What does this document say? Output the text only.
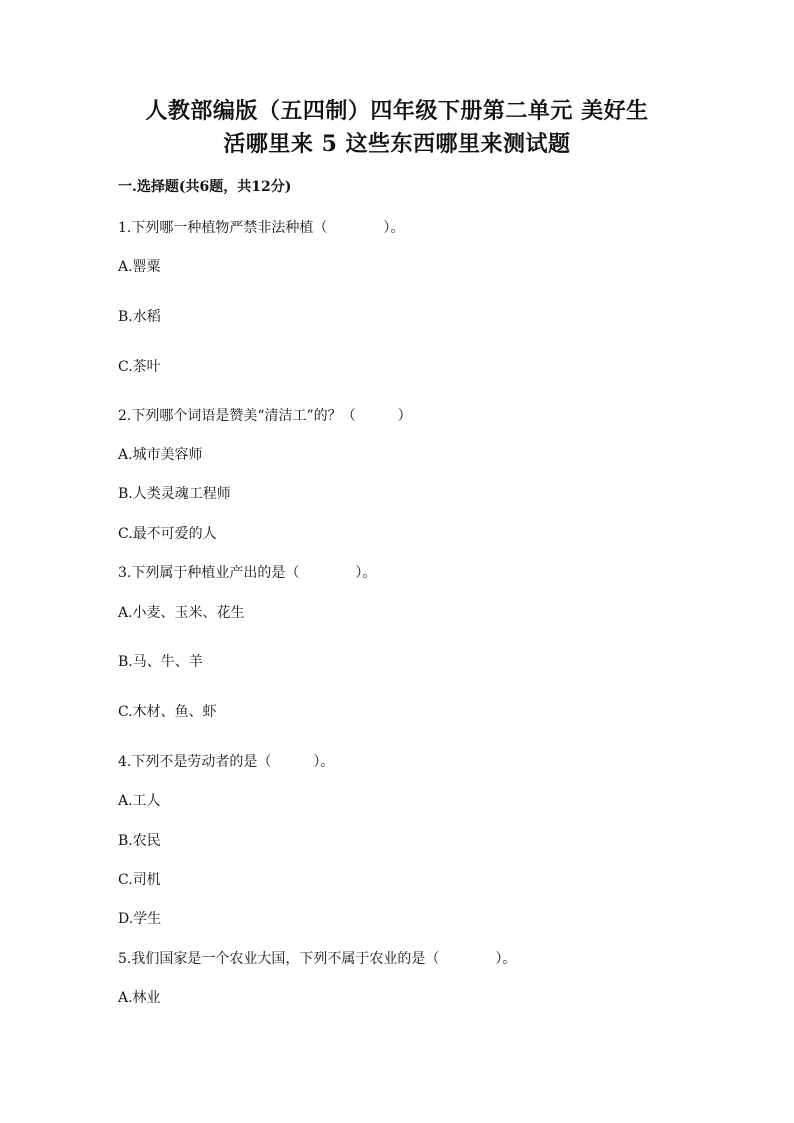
人教部编版（五四制）四年级下册第二单元 美好生
活哪里来 5 这些东西哪里来测试题
一.选择题(共6题，共12分)
1.下列哪一种植物严禁非法种植（　　　　）。
A.罂粟
B.水稻
C.茶叶
2.下列哪个词语是赞美“清洁工”的？（　　　）
A.城市美容师
B.人类灵魂工程师
C.最不可爱的人
3.下列属于种植业产出的是（　　　　）。
A.小麦、玉米、花生
B.马、牛、羊
C.木材、鱼、虾
4.下列不是劳动者的是（　　　）。
A.工人
B.农民
C.司机
D.学生
5.我们国家是一个农业大国，下列不属于农业的是（　　　　）。
A.林业
